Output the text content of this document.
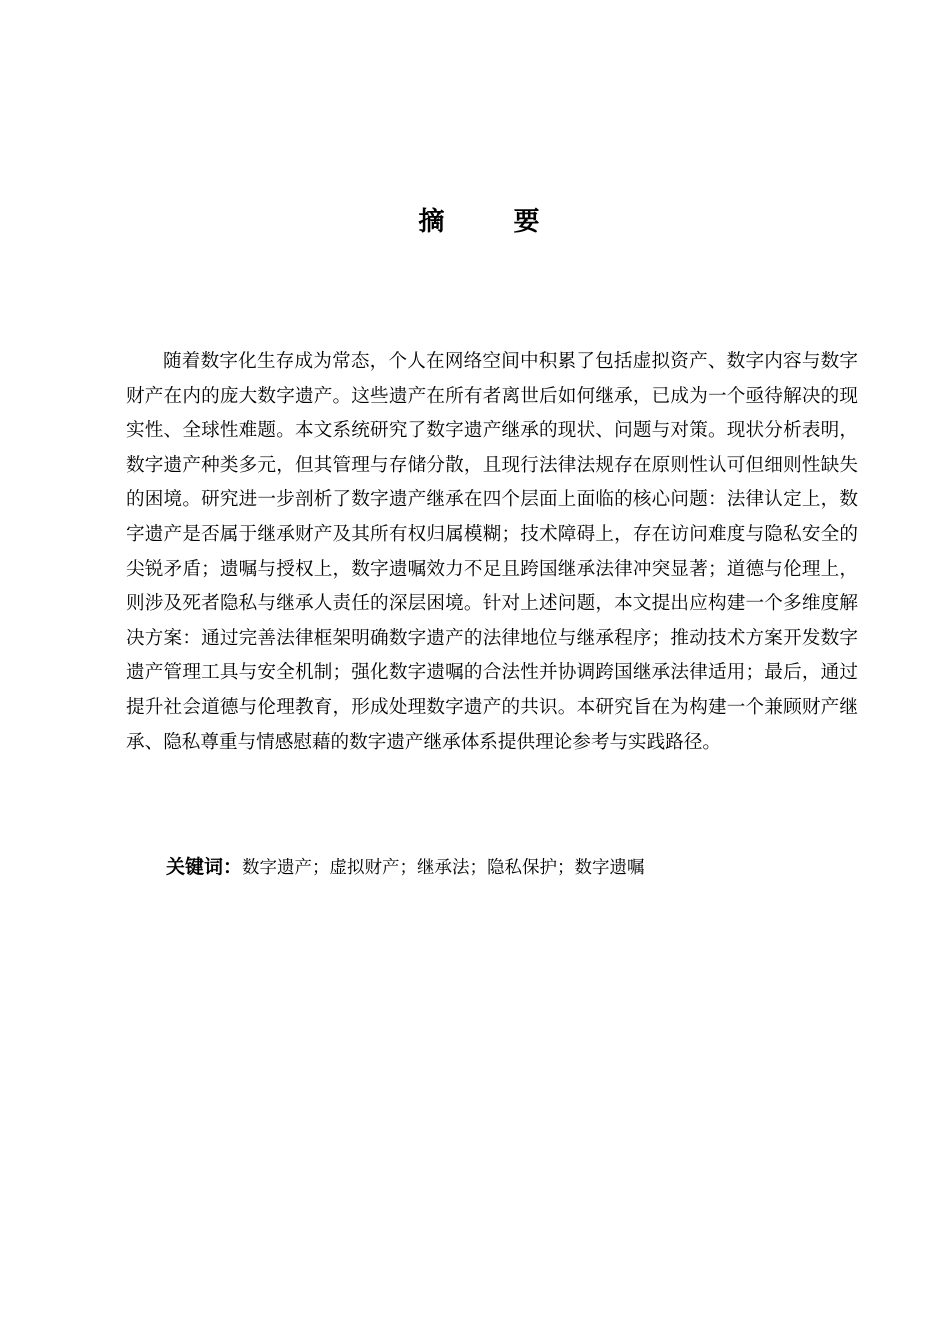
摘 要

随着数字化生存成为常态，个人在网络空间中积累了包括虚拟资产、数字内容与数字财产在内的庞大数字遗产。这些遗产在所有者离世后如何继承，已成为一个亟待解决的现实性、全球性难题。本文系统研究了数字遗产继承的现状、问题与对策。现状分析表明，数字遗产种类多元，但其管理与存储分散，且现行法律法规存在原则性认可但细则性缺失的困境。研究进一步剖析了数字遗产继承在四个层面上面临的核心问题：法律认定上，数字遗产是否属于继承财产及其所有权归属模糊；技术障碍上，存在访问难度与隐私安全的尖锐矛盾；遗嘱与授权上，数字遗嘱效力不足且跨国继承法律冲突显著；道德与伦理上，则涉及死者隐私与继承人责任的深层困境。针对上述问题，本文提出应构建一个多维度解决方案：通过完善法律框架明确数字遗产的法律地位与继承程序；推动技术方案开发数字遗产管理工具与安全机制；强化数字遗嘱的合法性并协调跨国继承法律适用；最后，通过提升社会道德与伦理教育，形成处理数字遗产的共识。本研究旨在为构建一个兼顾财产继承、隐私尊重与情感慰藉的数字遗产继承体系提供理论参考与实践路径。

关键词：数字遗产；虚拟财产；继承法；隐私保护；数字遗嘱
